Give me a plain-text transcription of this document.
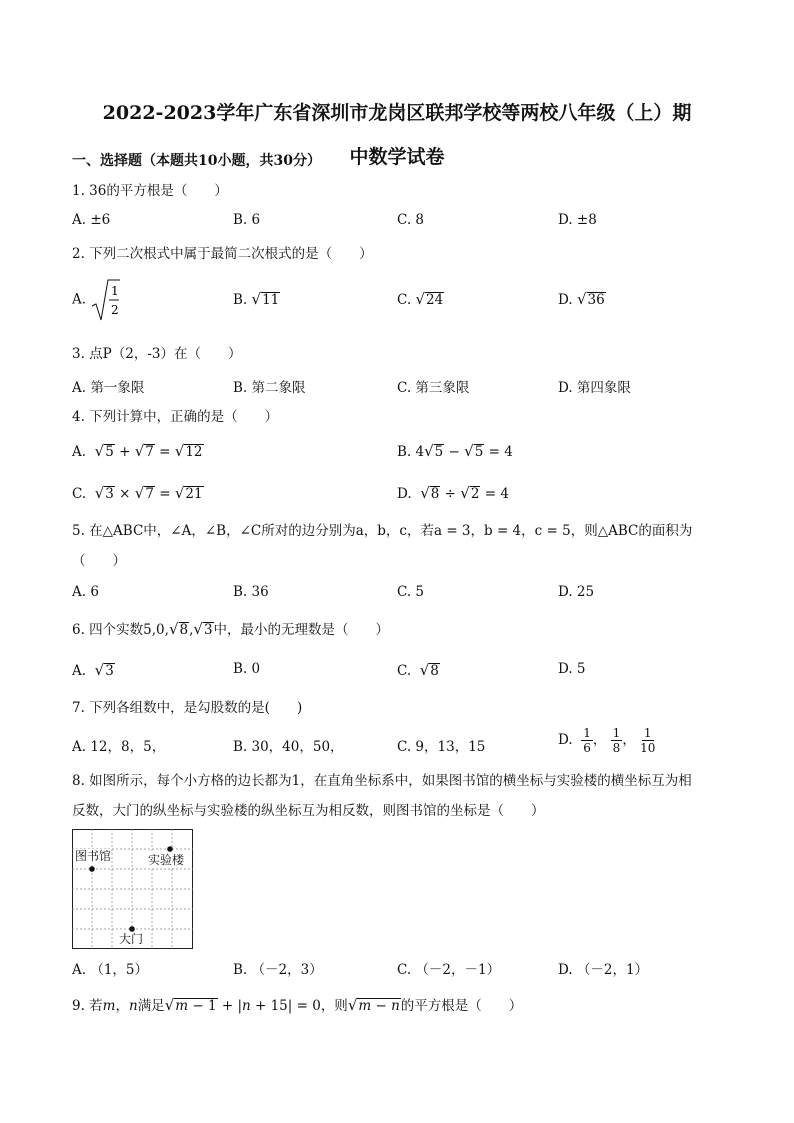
2022-2023学年广东省深圳市龙岗区联邦学校等两校八年级（上）期
中数学试卷
一、选择题（本题共10小题，共30分）
1. 36的平方根是（　　）
A. ±6	B. 6	C. 8	D. ±8
2. 下列二次根式中属于最简二次根式的是（　　）
A.
1
2
B. √11	C. √24	D. √36
3. 点P（2，-3）在（　　）
A. 第一象限	B. 第二象限	C. 第三象限	D. 第四象限
4. 下列计算中，正确的是（　　）
A. √5 + √7 = √12	B. 4√5 − √5 = 4
C. √3 × √7 = √21	D. √8 ÷ √2 = 4
5. 在△ABC中，∠A，∠B，∠C所对的边分别为a，b，c，若a = 3，b = 4，c = 5，则△ABC的面积为
（　　）
A. 6	B. 36	C. 5	D. 25
6. 四个实数5,0,√8,√3中，最小的无理数是（　　）
A. √3	B. 0	C. √8	D. 5
7. 下列各组数中，是勾股数的是(　　)
A. 12，8，5，	B. 30，40，50，	C. 9，13，15	D. $\frac{1}{6}$ ， $\frac{1}{8}$ ， $\frac{1}{10}$
8. 如图所示，每个小方格的边长都为1，在直角坐标系中，如果图书馆的横坐标与实验楼的横坐标互为相
反数，大门的纵坐标与实验楼的纵坐标互为相反数，则图书馆的坐标是（　　）
图书馆	实验楼
大门
A. （1，5）	B. （－2，3）	C. （－2，－1）	D. （－2，1）
9. 若m，n满足√m − 1 + |n + 15| = 0，则√m − n的平方根是（　　）
